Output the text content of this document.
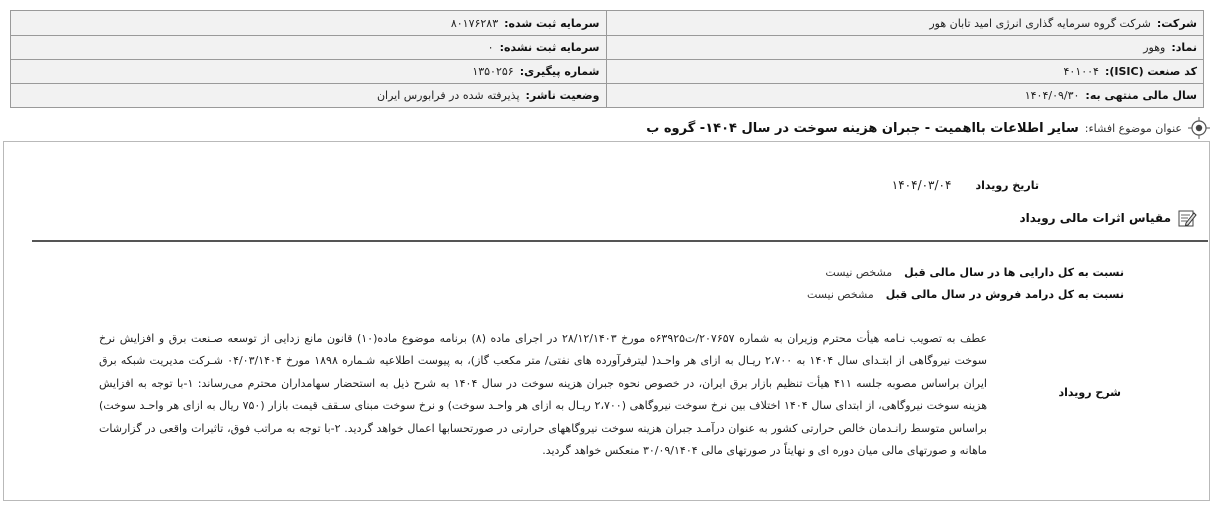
شرکت:
شرکت گروه سرمایه گذاری انرژی امید تابان هور
سرمایه ثبت شده:
۸۰۱۷۶۲۸۳
نماد:
وهور
سرمایه ثبت نشده:
۰
کد صنعت (ISIC):
۴۰۱۰۰۴
شماره پیگیری:
۱۳۵۰۲۵۶
سال مالی منتهی به:
۱۴۰۴/۰۹/۳۰
وضعیت ناشر:
پذیرفته شده در فرابورس ایران
عنوان موضوع افشاء:
سایر اطلاعات بااهمیت - جبران هزینه سوخت در سال ۱۴۰۴- گروه ب
تاریخ رویداد
۱۴۰۴/۰۳/۰۴
مقیاس اثرات مالی رویداد
نسبت به کل دارایی ها در سال مالی قبل
مشخص نیست
نسبت به کل درامد فروش در سال مالی قبل
مشخص نیست
شرح رویداد
عطف به تصویب نـامه هیأت محترم وزیران به شماره ۲۰۷۶۵۷/ت۶۳۹۲۵ه مورخ ۲۸/۱۲/۱۴۰۳ در اجرای ماده (۸) برنامه موضوع ماده(۱۰) قانون مانع زدایی از توسعه صـنعت برق و افزایش نرخ سوخت نیروگاهی از ابتـدای سال ۱۴۰۴ به ۲،۷۰۰ ریـال به ازای هر واحـد( لیترفرآورده های نفتی/ متر مکعب گاز)، به پیوست اطلاعیه شـماره ۱۸۹۸ مورخ ۰۴/۰۳/۱۴۰۴ شـرکت مدیریت شبکه برق ایران براساس مصوبه جلسه ۴۱۱ هیأت تنظیم بازار برق ایران، در خصوص نحوه جبران هزینه سوخت در سال ۱۴۰۴ به شرح ذیل به استحضار سهامداران محترم می‌رساند: ۱-با توجه به افزایش هزینه سوخت نیروگاهی، از ابتدای سال ۱۴۰۴ اختلاف بین نرخ سوخت نیروگاهی (۲،۷۰۰ ریـال به ازای هر واحـد سوخت) و نرخ سوخت مبنای سـقف قیمت بازار (۷۵۰ ریال به ازای هر واحـد سوخت) براساس متوسط رانـدمان خالص حرارتی کشور به عنوان درآمـد جبران هزینه سوخت نیروگاههای حرارتی در صورتحسابها اعمال خواهد گردید. ۲-با توجه به مراتب فوق، تاثیرات واقعی در گزارشات ماهانه و صورتهای مالی میان دوره ای و نهایتاً در صورتهای مالی ۳۰/۰۹/۱۴۰۴ منعکس خواهد گردید.
